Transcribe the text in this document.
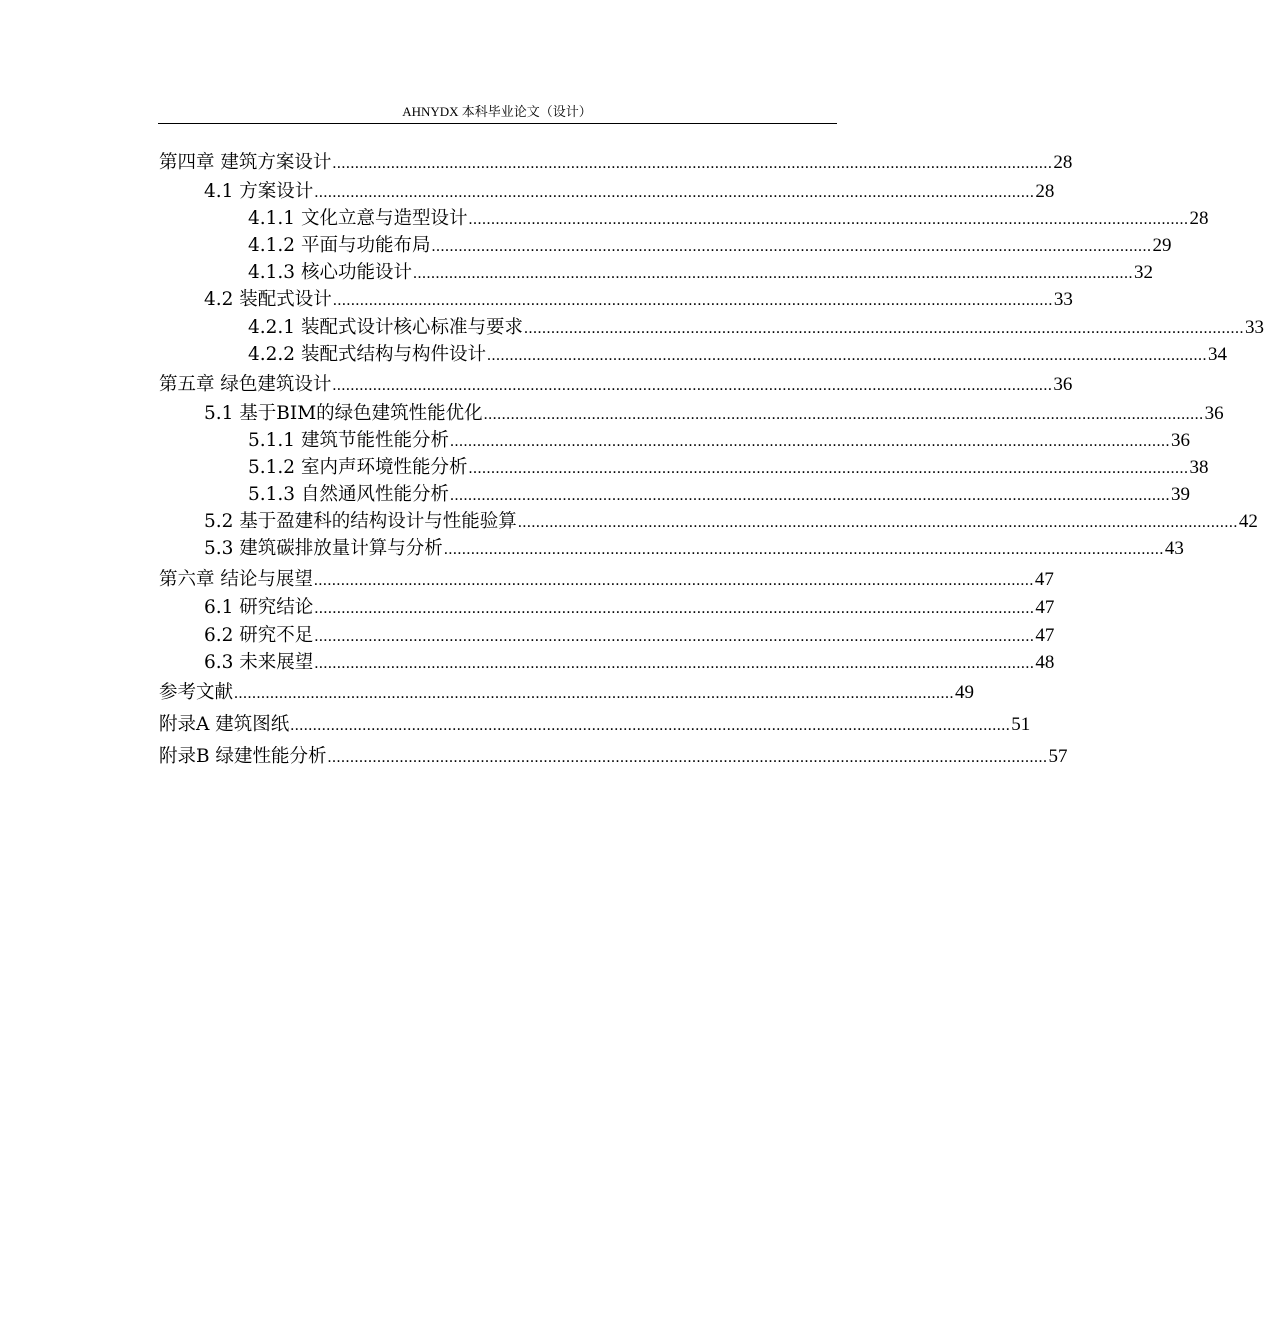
AHNYDX 本科毕业论文（设计）
第四章 建筑方案设计 ................................................................................................................................................................ 28
4.1 方案设计 ................................................................................................................................................................ 28
4.1.1 文化立意与造型设计 ................................................................................................................................................................ 28
4.1.2 平面与功能布局 ................................................................................................................................................................ 29
4.1.3 核心功能设计 ................................................................................................................................................................ 32
4.2 装配式设计 ................................................................................................................................................................ 33
4.2.1 装配式设计核心标准与要求 ................................................................................................................................................................ 33
4.2.2 装配式结构与构件设计 ................................................................................................................................................................ 34
第五章 绿色建筑设计 ................................................................................................................................................................ 36
5.1 基于BIM的绿色建筑性能优化 ................................................................................................................................................................ 36
5.1.1 建筑节能性能分析 ................................................................................................................................................................ 36
5.1.2 室内声环境性能分析 ................................................................................................................................................................ 38
5.1.3 自然通风性能分析 ................................................................................................................................................................ 39
5.2 基于盈建科的结构设计与性能验算 ................................................................................................................................................................ 42
5.3 建筑碳排放量计算与分析 ................................................................................................................................................................ 43
第六章 结论与展望 ................................................................................................................................................................ 47
6.1 研究结论 ................................................................................................................................................................ 47
6.2 研究不足 ................................................................................................................................................................ 47
6.3 未来展望 ................................................................................................................................................................ 48
参考文献 ................................................................................................................................................................ 49
附录A 建筑图纸 ................................................................................................................................................................ 51
附录B 绿建性能分析 ................................................................................................................................................................ 57
